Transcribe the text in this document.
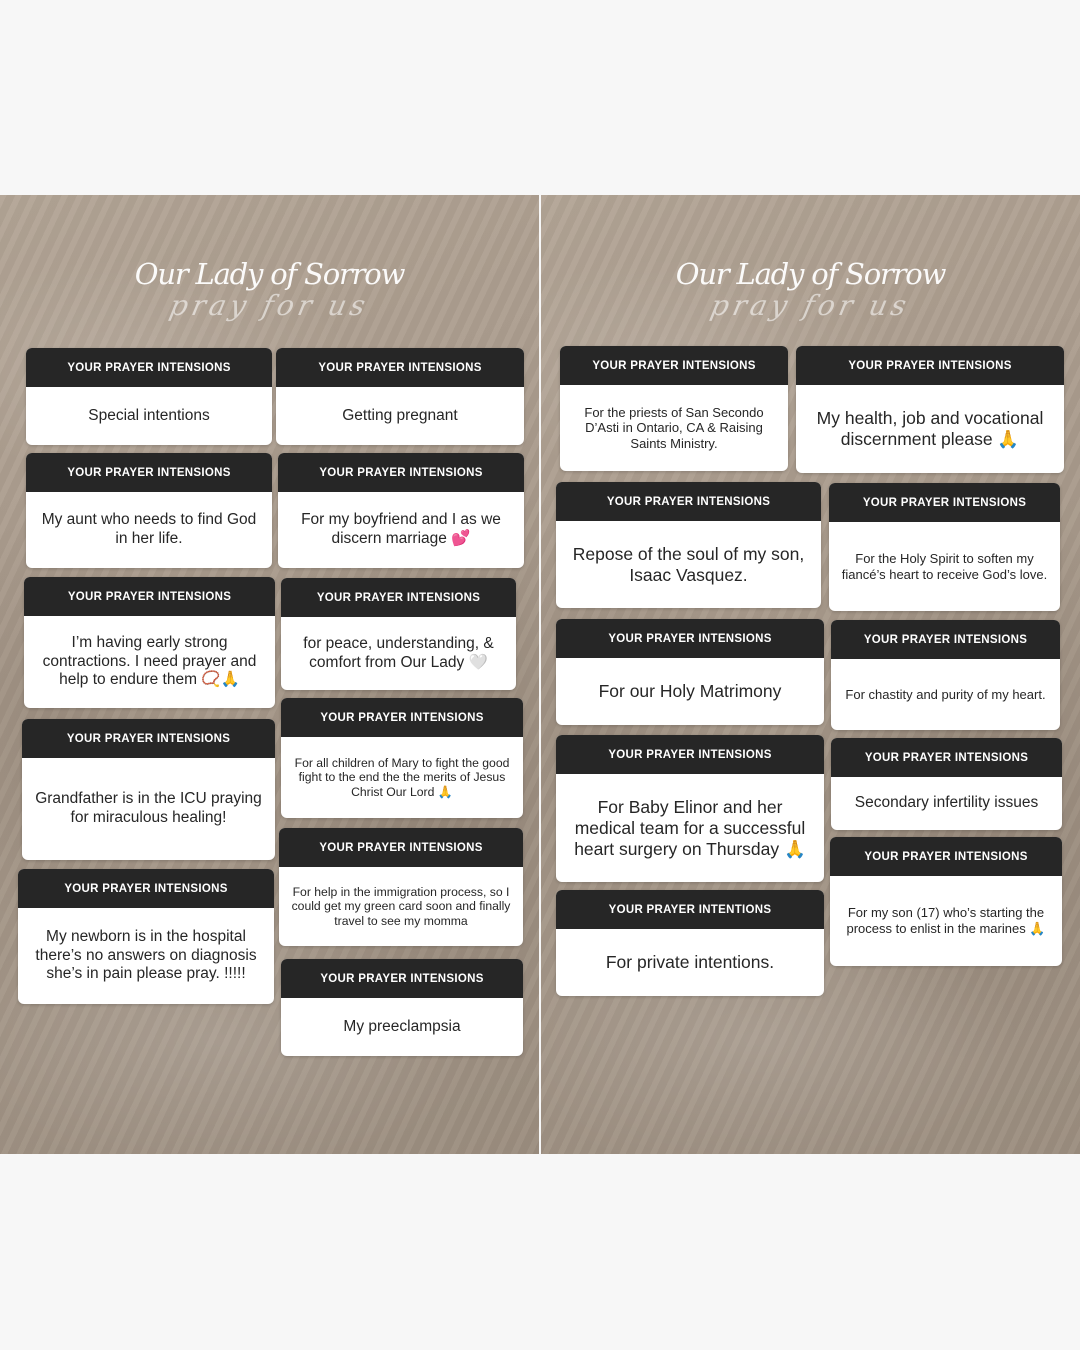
Our Lady of Sorrow
pray for us
YOUR PRAYER INTENSIONS
Special intentions
YOUR PRAYER INTENSIONS
Getting pregnant
YOUR PRAYER INTENSIONS
My aunt who needs to find God in her life.
YOUR PRAYER INTENSIONS
For my boyfriend and I as we discern marriage 💕
YOUR PRAYER INTENSIONS
I’m having early strong contractions. I need prayer and help to endure them 📿🙏
YOUR PRAYER INTENSIONS
for peace, understanding, & comfort from Our Lady 🤍
YOUR PRAYER INTENSIONS
Grandfather is in the ICU praying for miraculous healing!
YOUR PRAYER INTENSIONS
For all children of Mary to fight the good fight to the end the the merits of Jesus Christ Our Lord 🙏
YOUR PRAYER INTENSIONS
For help in the immigration process, so I could get my green card soon and finally travel to see my momma
YOUR PRAYER INTENSIONS
My newborn is in the hospital there’s no answers on diagnosis she’s in pain please pray. !!!!!	YOUR PRAYER INTENSIONS
My preeclampsia
Our Lady of Sorrow
pray for us
YOUR PRAYER INTENSIONS
For the priests of San Secondo D’Asti in Ontario, CA & Raising Saints Ministry.
YOUR PRAYER INTENSIONS
My health, job and vocational discernment please 🙏
YOUR PRAYER INTENSIONS
Repose of the soul of my son, Isaac Vasquez.
YOUR PRAYER INTENSIONS
For the Holy Spirit to soften my fiancé’s heart to receive God’s love.
YOUR PRAYER INTENSIONS
For our Holy Matrimony
YOUR PRAYER INTENSIONS
For chastity and purity of my heart.
YOUR PRAYER INTENSIONS
For Baby Elinor and her medical team for a successful heart surgery on Thursday 🙏
YOUR PRAYER INTENSIONS
Secondary infertility issues
YOUR PRAYER INTENSIONS
For my son (17) who’s starting the process to enlist in the marines 🙏
YOUR PRAYER INTENTIONS
For private intentions.
